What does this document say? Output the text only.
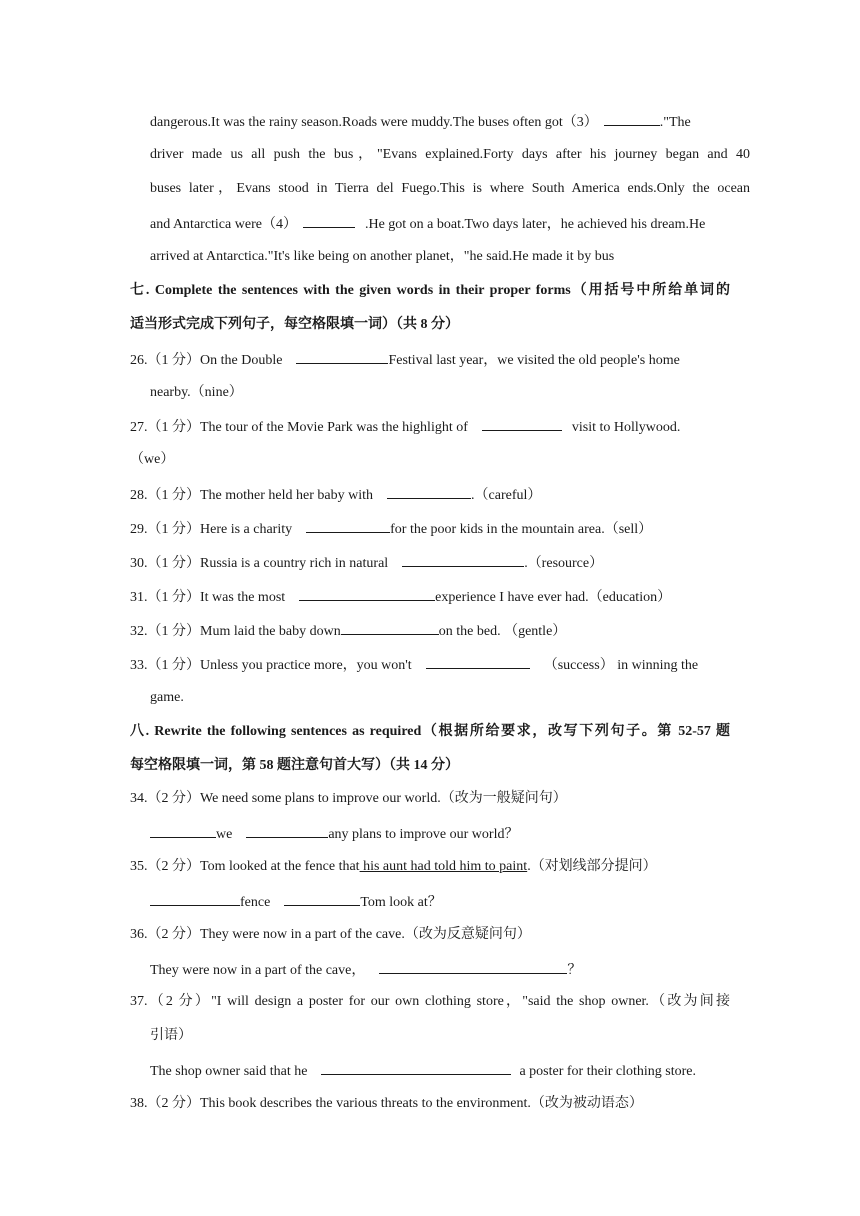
dangerous.It was the rainy season.Roads were muddy.The buses often got（3）	."The
driver made us all push the bus，"Evans explained.Forty days after his journey began and 40
buses later，Evans stood in Tierra del Fuego.This is where South America ends.Only the ocean
and Antarctica were（4）	.He got on a boat.Two days later，he achieved his dream.He
arrived at Antarctica."It's like being on another planet，"he said.He made it by bus
七. Complete the sentences with the given words in their proper forms（用括号中所给单词的
适当形式完成下列句子，每空格限填一词）（共 8 分）
26.（1 分）On the Double	Festival last year，we visited the old people's home
nearby.（nine）
27.（1 分）The tour of the Movie Park was the highlight of	visit to Hollywood.
（we）
28.（1 分）The mother held her baby with	.（careful）
29.（1 分）Here is a charity	for the poor kids in the mountain area.（sell）
30.（1 分）Russia is a country rich in natural	.（resource）
31.（1 分）It was the most	experience I have ever had.（education）
32.（1 分）Mum laid the baby down	on the bed. （gentle）
33.（1 分）Unless you practice more，you won't	（success） in winning the
game.
八. Rewrite the following sentences as required（根据所给要求，改写下列句子。第 52-57 题
每空格限填一词，第 58 题注意句首大写）（共 14 分）
34.（2 分）We need some plans to improve our world.（改为一般疑问句）
we	any plans to improve our world？
35.（2 分）Tom looked at the fence that his aunt had told him to paint.（对划线部分提问）
fence	Tom look at？
36.（2 分）They were now in a part of the cave.（改为反意疑问句）
They were now in a part of the cave，	？
37.（2 分）"I will design a poster for our own clothing store，"said the shop owner.（改为间接
引语）
The shop owner said that he	a poster for their clothing store.
38.（2 分）This book describes the various threats to the environment.（改为被动语态）
